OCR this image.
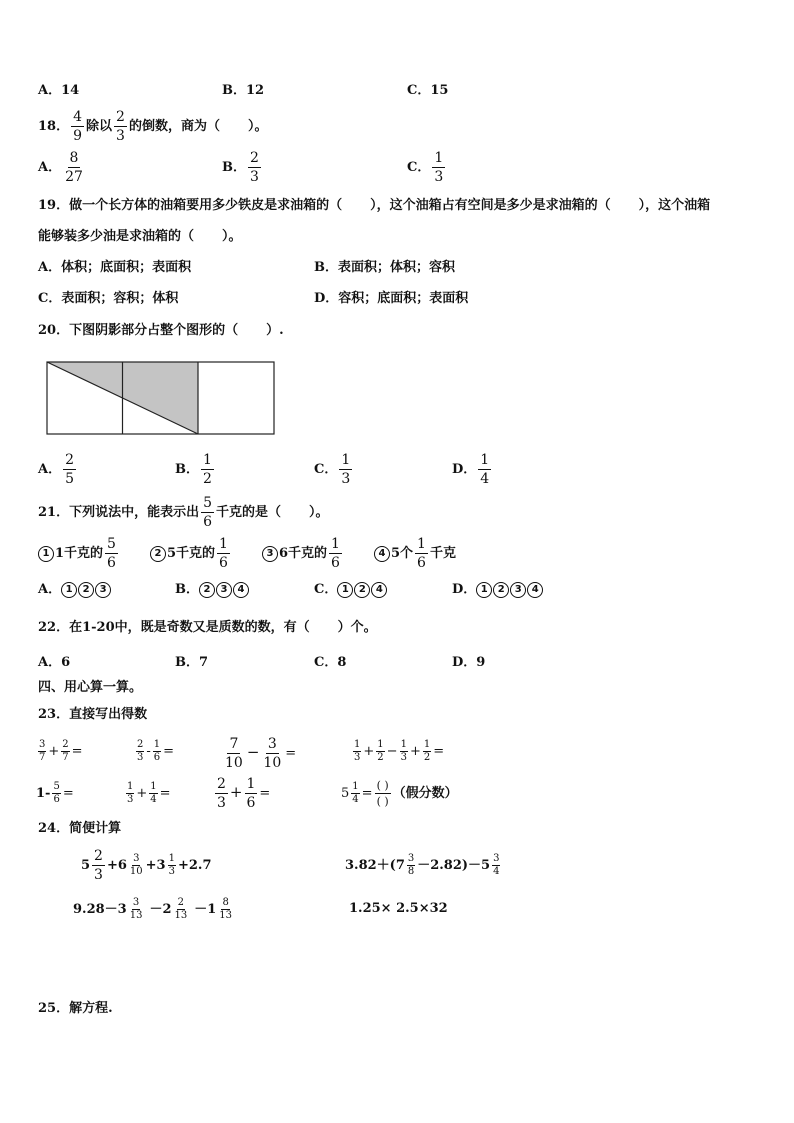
A．14	B．12	C．15
18． $\frac{4}{9}$ 除以 $\frac{2}{3}$ 的倒数，商为（ ）。
A． $\frac{8}{27}$	B． $\frac{2}{3}$	C． $\frac{1}{3}$
19．做一个长方体的油箱要用多少铁皮是求油箱的（ ），这个油箱占有空间是多少是求油箱的（ ），这个油箱
能够装多少油是求油箱的（ ）。
A．体积；底面积；表面积	B．表面积；体积；容积
C．表面积；容积；体积	D．容积；底面积；表面积
20．下图阴影部分占整个图形的（ ）.
A． $\frac{2}{5}$	B． $\frac{1}{2}$	C． $\frac{1}{3}$	D． $\frac{1}{4}$
21．下列说法中，能表示出 $\frac{5}{6}$ 千克的是（ ）。
1 1千克的 $\frac{5}{6}$	2 5千克的 $\frac{1}{6}$	3 6千克的 $\frac{1}{6}$	4 5个 $\frac{1}{6}$ 千克
A． 1 2 3	B． 2 3 4	C． 1 2 4	D． 1 2 3 4
22．在1-20中，既是奇数又是质数的数，有（ ）个。
A．6	B．7	C．8	D．9
四、用心算一算。
23．直接写出得数
$\frac{3}{7} + \frac{2}{7}$ =	$\frac{2}{3} - \frac{1}{6}$ =	$\frac{7}{10} - \frac{3}{10}$ =	$\frac{1}{3} + \frac{1}{2} - \frac{1}{3} + \frac{1}{2}$ =
$1- \frac{5}{6}$ =	$\frac{1}{3} + \frac{1}{4}$ =	$\frac{2}{3} + \frac{1}{6}$ =	$5 \frac{1}{4} = \frac{( )}{( )}$ （假分数）
24．简便计算
$5 \frac{2}{3} +6 \frac{3}{10} +3 \frac{1}{3} +2.7$	$3.82+(7 \frac{3}{8} -2.82)-5 \frac{3}{4}$
$9.28-3 \frac{3}{13} -2 \frac{2}{13} -1 \frac{8}{13}$	1.25× 2.5×32
25．解方程.
